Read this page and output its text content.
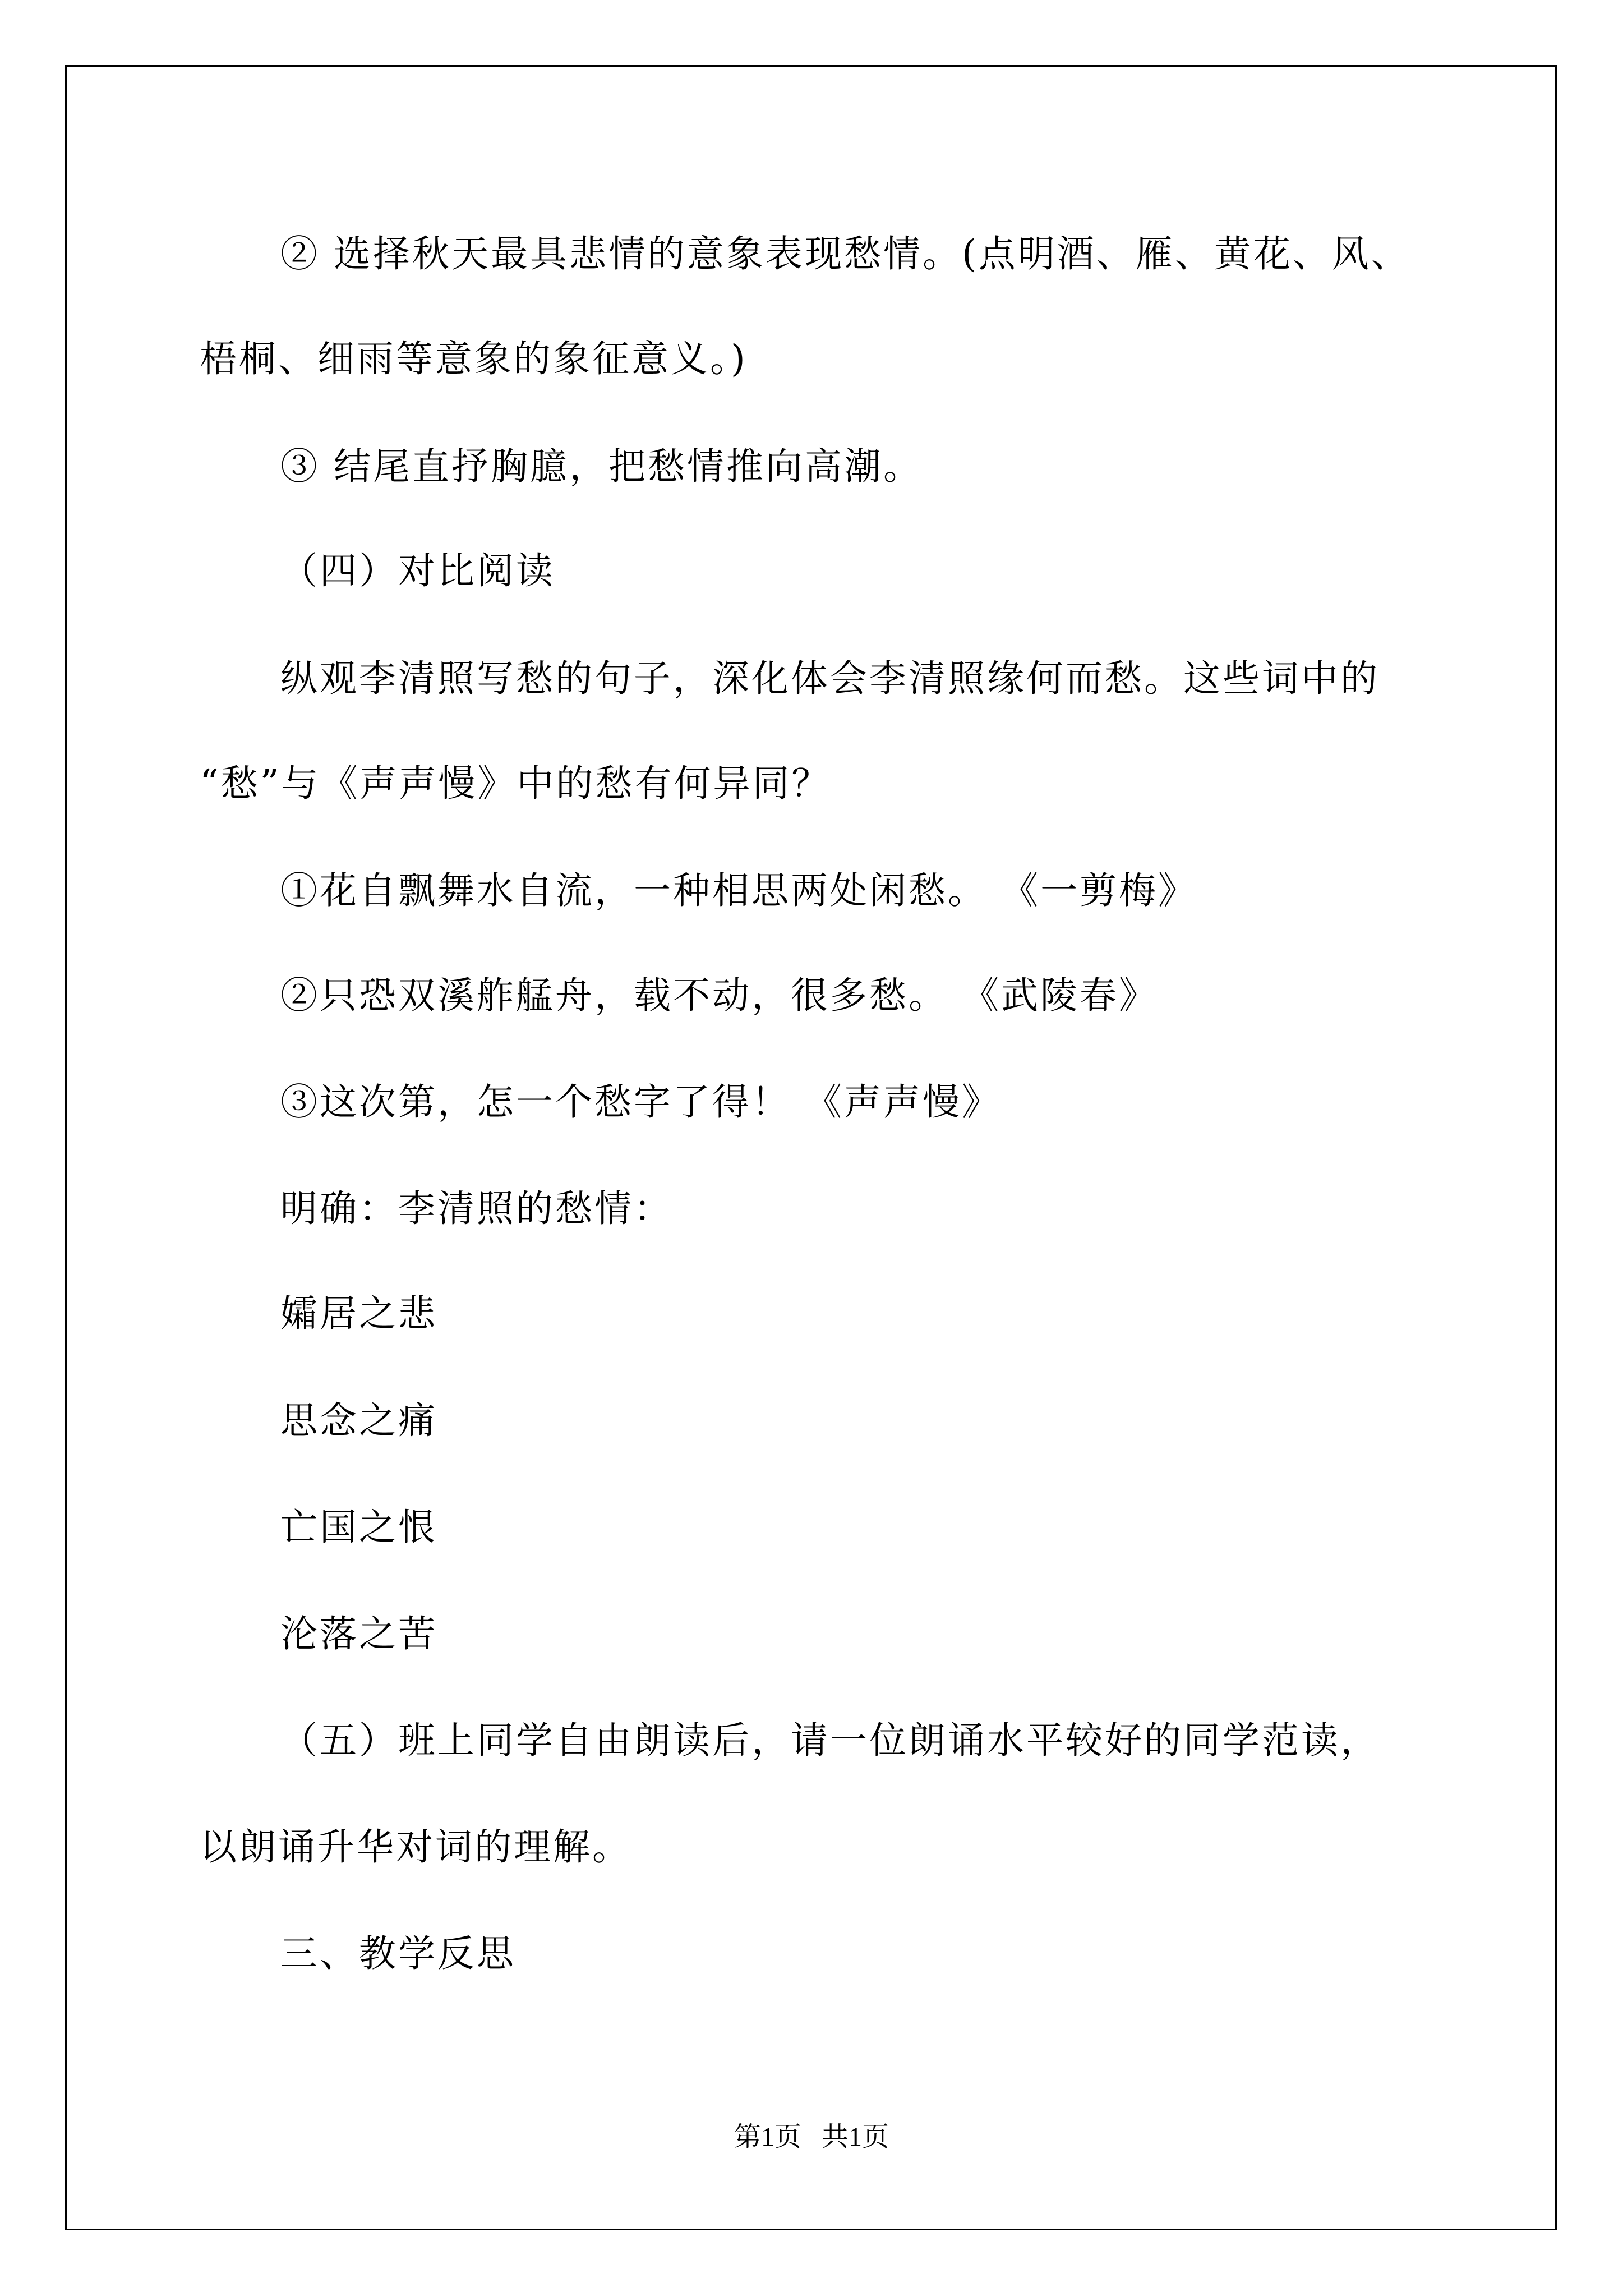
② 选择秋天最具悲情的意象表现愁情。(点明酒、雁、黄花、风、
梧桐、细雨等意象的象征意义。)
③ 结尾直抒胸臆，把愁情推向高潮。
（四）对比阅读
纵观李清照写愁的句子，深化体会李清照缘何而愁。这些词中的
“愁”与《声声慢》中的愁有何异同？
①花自飘舞水自流，一种相思两处闲愁。 《一剪梅》
②只恐双溪舴艋舟，载不动，很多愁。 《武陵春》
③这次第，怎一个愁字了得！ 《声声慢》
明确：李清照的愁情：
孀居之悲
思念之痛
亡国之恨
沦落之苦
（五）班上同学自由朗读后，请一位朗诵水平较好的同学范读，
以朗诵升华对词的理解。
三、教学反思
第1页   共1页
